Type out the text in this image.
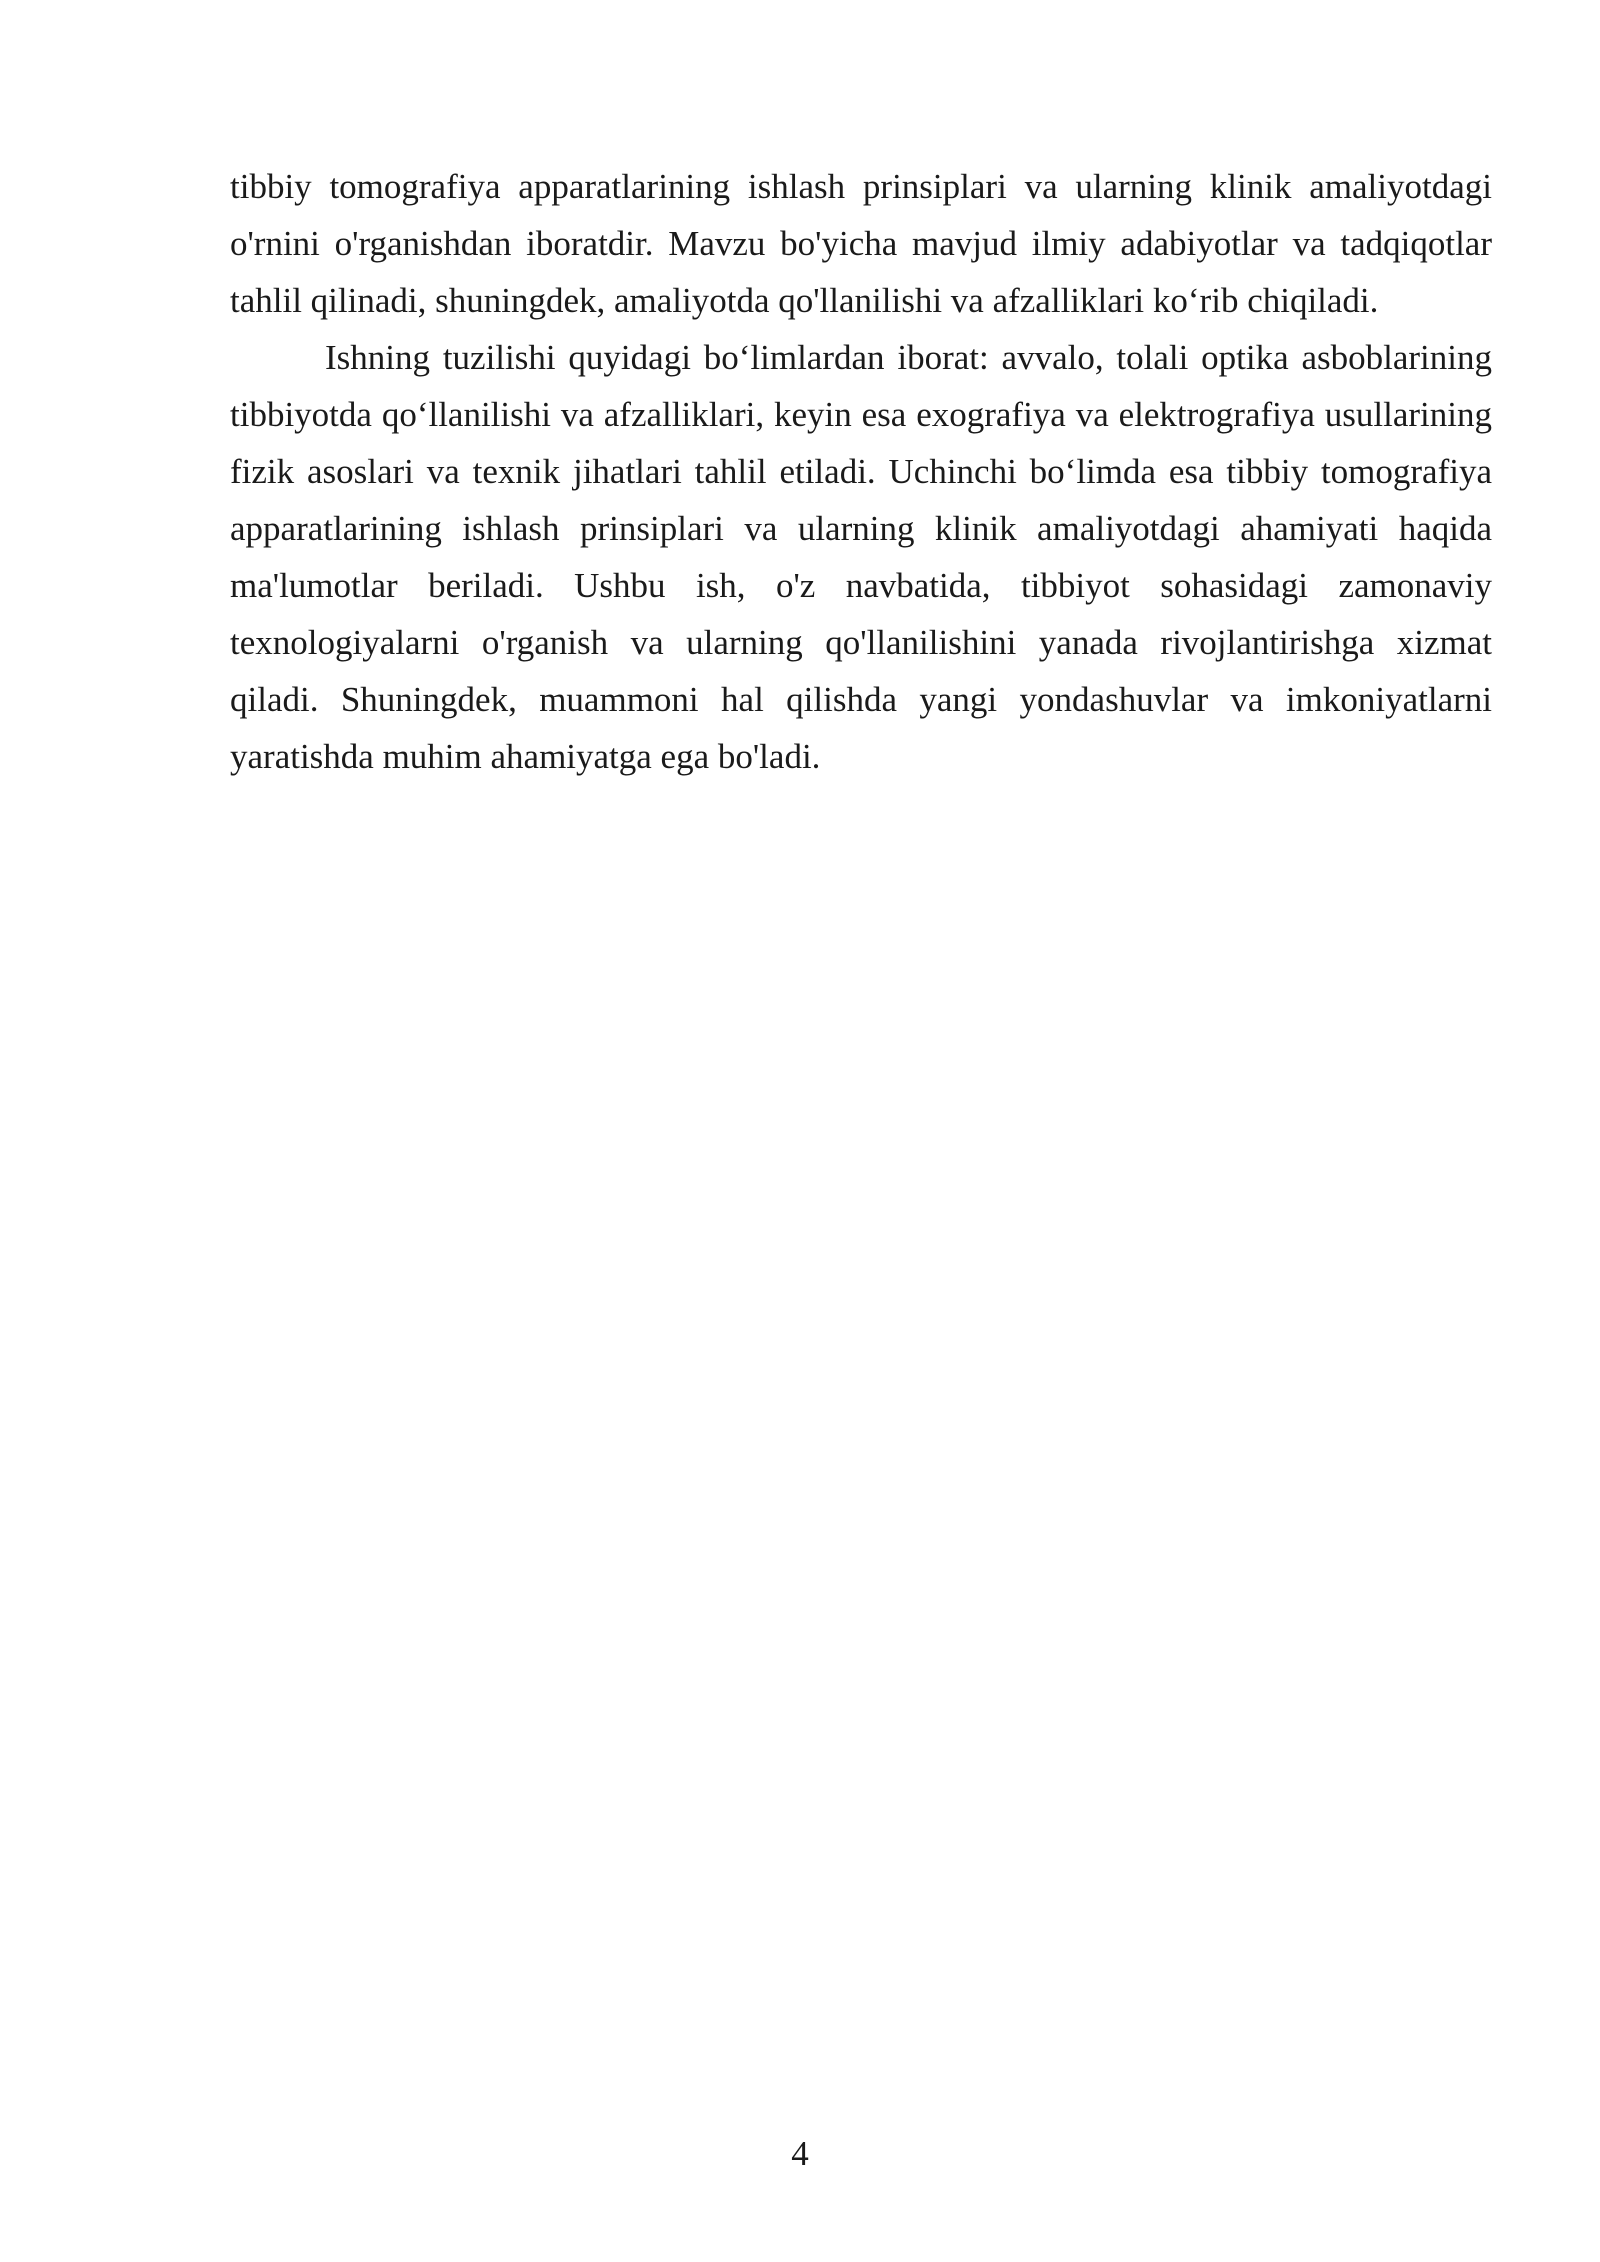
tibbiy tomografiya apparatlarining ishlash prinsiplari va ularning klinik amaliyotdagi o'rnini o'rganishdan iboratdir. Mavzu bo'yicha mavjud ilmiy adabiyotlar va tadqiqotlar tahlil qilinadi, shuningdek, amaliyotda qo'llanilishi va afzalliklari ko‘rib chiqiladi.

Ishning tuzilishi quyidagi bo‘limlardan iborat: avvalo, tolali optika asboblarining tibbiyotda qo‘llanilishi va afzalliklari, keyin esa exografiya va elektrografiya usullarining fizik asoslari va texnik jihatlari tahlil etiladi. Uchinchi bo‘limda esa tibbiy tomografiya apparatlarining ishlash prinsiplari va ularning klinik amaliyotdagi ahamiyati haqida ma'lumotlar beriladi. Ushbu ish, o'z navbatida, tibbiyot sohasidagi zamonaviy texnologiyalarni o'rganish va ularning qo'llanilishini yanada rivojlantirishga xizmat qiladi. Shuningdek, muammoni hal qilishda yangi yondashuvlar va imkoniyatlarni yaratishda muhim ahamiyatga ega bo'ladi.

4
